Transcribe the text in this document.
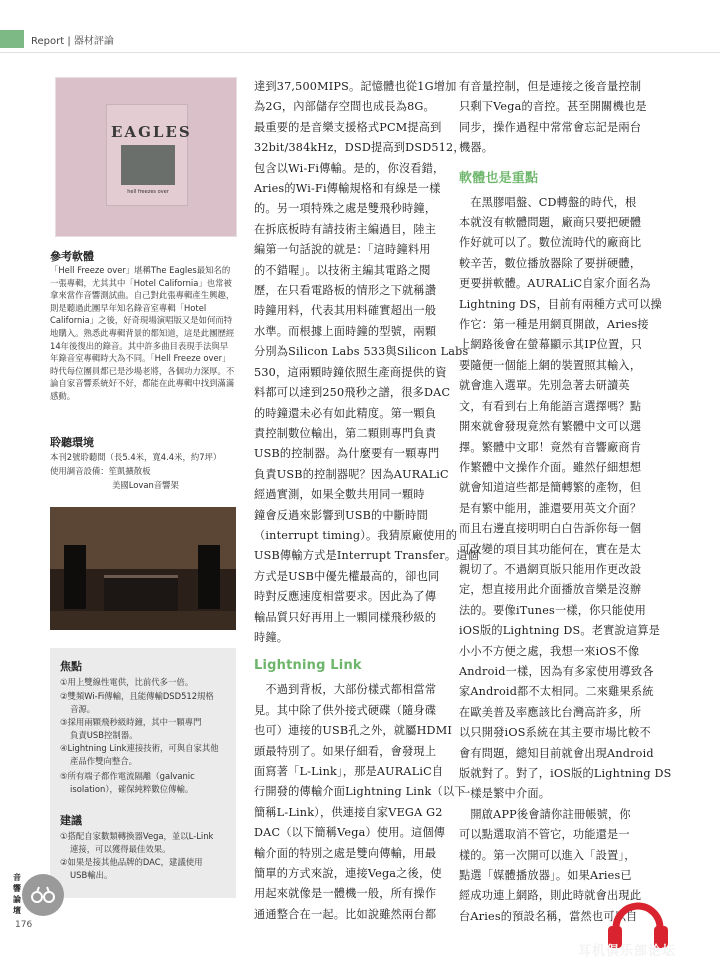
Report | 器材評論
EAGLES
hell freezes over
參考軟體
「Hell Freeze over」堪稱The Eagles最知名的一張專輯，尤其其中「Hotel California」也常被拿來當作音響測試曲。自己對此張專輯產生興趣，則是聽過此團早年知名錄音室專輯「Hotel California」之後，好奇現場演唱版又是如何而特地購入。熟悉此專輯背景的都知道，這是此團歷經14年後復出的錄音。其中許多曲目表現手法與早年錄音室專輯時大為不同。「Hell Freeze over」時代每位團員都已是沙場老將，各個功力深厚。不論自家音響系統好不好，都能在此專輯中找到滿滿感動。
聆聽環境
本刊2號聆聽間（長5.4米，寬4.4米，約7坪）
使用調音設備：笙凱擴散板
美國Lovan音響架
焦點
①用上雙線性電供，比前代多一倍。
②雙頻Wi-Fi傳輸，且能傳輸DSD512規格
音源。
③採用兩顆飛秒級時鐘，其中一顆專門
負責USB控制器。
④Lightning Link連接技術，可與自家其他
產品作雙向整合。
⑤所有端子都作電流隔離（galvanic
isolation），確保純粹數位傳輸。
建議
①搭配自家數類轉換器Vega，並以L-Link
連接，可以獲得最佳效果。
②如果是接其他品牌的DAC，建議使用
USB輸出。
音
響
論
壇
176

達到37,500MIPS。記憶體也從1G增加

為2G，內部儲存空間也成長為8G。

最重要的是音樂支援格式PCM提高到

32bit/384kHz，DSD提高到DSD512，

包含以Wi-Fi傳輸。是的，你沒看錯，

Aries的Wi-Fi傳輸規格和有線是一樣

的。另一項特殊之處是雙飛秒時鐘，

在拆底板時有請技術主編過目，陸主

編第一句話說的就是：「這時鐘料用

的不錯喔」。以技術主編其電路之閱

歷，在只看電路板的情形之下就稱讚

時鐘用料，代表其用料確實超出一般

水準。而根據上面時鐘的型號，兩顆

分別為Silicon Labs 533與Silicon Labs

530，這兩顆時鐘依照生產商提供的資

料都可以達到250飛秒之譜，很多DAC

的時鐘還未必有如此精度。第一顆負

責控制數位輸出，第二顆則專門負責

USB的控制器。為什麼要有一顆專門

負責USB的控制器呢？因為AURALiC

經過實測，如果全數共用同一顆時

鐘會反過來影響到USB的中斷時間

（interrupt timing）。我猜原廠使用的

USB傳輸方式是Interrupt Transfer。這個

方式是USB中優先權最高的，卻也同

時對反應速度相當要求。因此為了傳

輸品質只好再用上一顆同樣飛秒級的

時鐘。

Lightning Link

　不過到背板，大部份樣式都相當常

見。其中除了供外接式硬碟（隨身碟

也可）連接的USB孔之外，就屬HDMI

頭最特別了。如果仔細看，會發現上

面寫著「L-Link」，那是AURALiC自

行開發的傳輸介面Lightning Link（以下

簡稱L-Link），供連接自家VEGA G2

DAC（以下簡稱Vega）使用。這個傳

輸介面的特別之處是雙向傳輸，用最

簡單的方式來說，連接Vega之後，使

用起來就像是一體機一般，所有操作

通通整合在一起。比如說雖然兩台都

有音量控制，但是連接之後音量控制

只剩下Vega的音控。甚至開關機也是

同步，操作過程中常常會忘記是兩台

機器。

軟體也是重點

　在黑膠唱盤、CD轉盤的時代，根

本就沒有軟體問題，廠商只要把硬體

作好就可以了。數位流時代的廠商比

較辛苦，數位播放器除了要拼硬體，

更要拼軟體。AURALiC自家介面名為

Lightning DS，目前有兩種方式可以操

作它：第一種是用網頁開啟，Aries接

上網路後會在螢幕顯示其IP位置，只

要隨便一個能上網的裝置照其輸入，

就會進入選單。先別急著去研讀英

文，有看到右上角能語言選擇嗎？點

開來就會發現竟然有繁體中文可以選

擇。繁體中文耶！竟然有音響廠商肯

作繁體中文操作介面。雖然仔細想想

就會知道這些都是簡轉繁的產物，但

是有繁中能用，誰還要用英文介面？

而且右邊直接明明白白告訴你每一個

可改變的項目其功能何在，實在是太

親切了。不過網頁版只能用作更改設

定，想直接用此介面播放音樂是沒辦

法的。要像iTunes一樣，你只能使用

iOS版的Lightning DS。老實說這算是

小小不方便之處，我想一來iOS不像

Android一樣，因為有多家使用導致各

家Android都不太相同。二來雞果系統

在歐美普及率應該比台灣高許多，所

以只開發iOS系統在其主要市場比較不

會有問題，總知目前就會出現Android

版就對了。對了，iOS版的Lightning DS

一樣是繁中介面。

　開啟APP後會請你註冊帳號，你

可以點選取消不管它，功能還是一

樣的。第一次開可以進入「設置」，

點選「媒體播放器」。如果Aries已

經成功連上網路，則此時就會出現此

台Aries的預設名稱，當然也可以自

耳机俱乐部论坛
